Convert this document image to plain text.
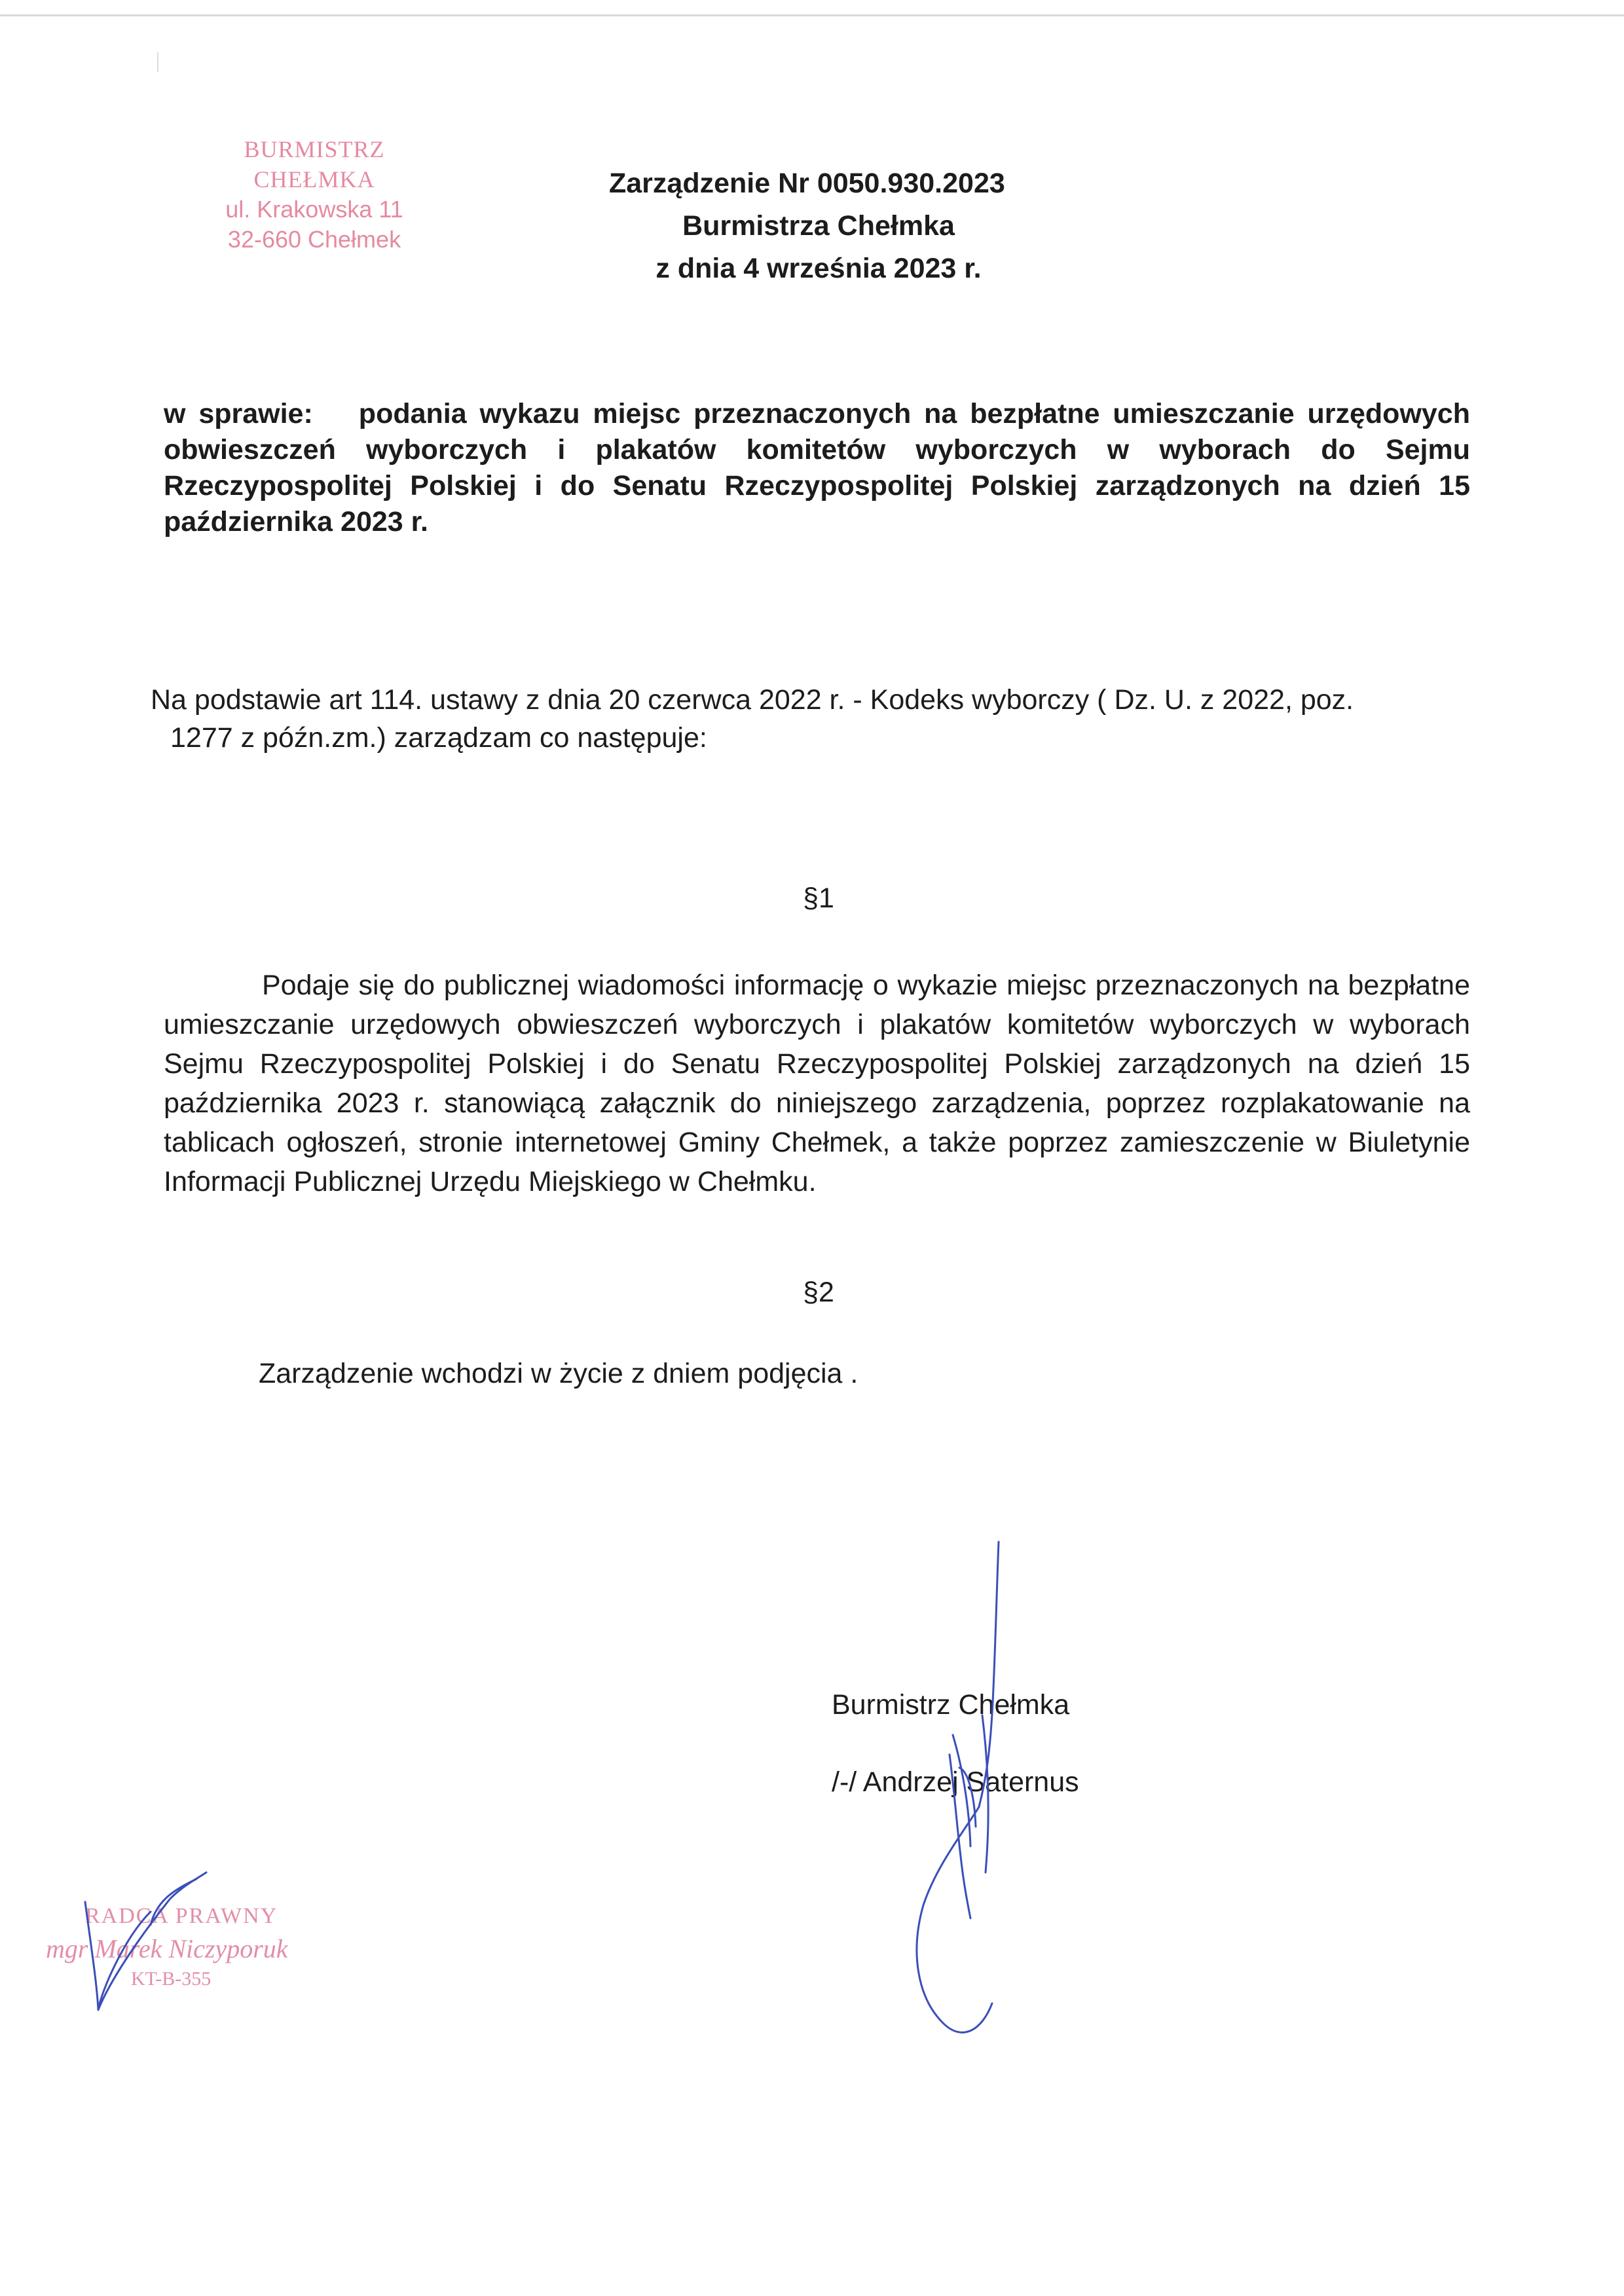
BURMISTRZ CHEŁMKA
ul. Krakowska 11
32-660 Chełmek
Zarządzenie Nr 0050.930.2023
Burmistrza Chełmka
z dnia 4 września 2023 r.
w sprawie: podania wykazu miejsc przeznaczonych na bezpłatne umieszczanie urzędowych obwieszczeń wyborczych i plakatów komitetów wyborczych w wyborach do Sejmu Rzeczypospolitej Polskiej i do Senatu Rzeczypospolitej Polskiej zarządzonych na dzień 15 października 2023 r.
Na podstawie art 114. ustawy z dnia 20 czerwca 2022 r. - Kodeks wyborczy ( Dz. U. z 2022, poz.
1277 z późn.zm.) zarządzam co następuje:
§1
Podaje się do publicznej wiadomości informację o wykazie miejsc przeznaczonych na bezpłatne umieszczanie urzędowych obwieszczeń wyborczych i plakatów komitetów wyborczych w wyborach Sejmu Rzeczypospolitej Polskiej i do Senatu Rzeczypospolitej Polskiej zarządzonych na dzień 15 października 2023 r. stanowiącą załącznik do niniejszego zarządzenia, poprzez rozplakatowanie na tablicach ogłoszeń, stronie internetowej Gminy Chełmek, a także poprzez zamieszczenie w Biuletynie Informacji Publicznej Urzędu Miejskiego w Chełmku.
§2
Zarządzenie wchodzi w życie z dniem podjęcia .
Burmistrz Chełmka
/-/ Andrzej Saternus
RADCA PRAWNY
mgr Marek Niczyporuk
KT-B-355
